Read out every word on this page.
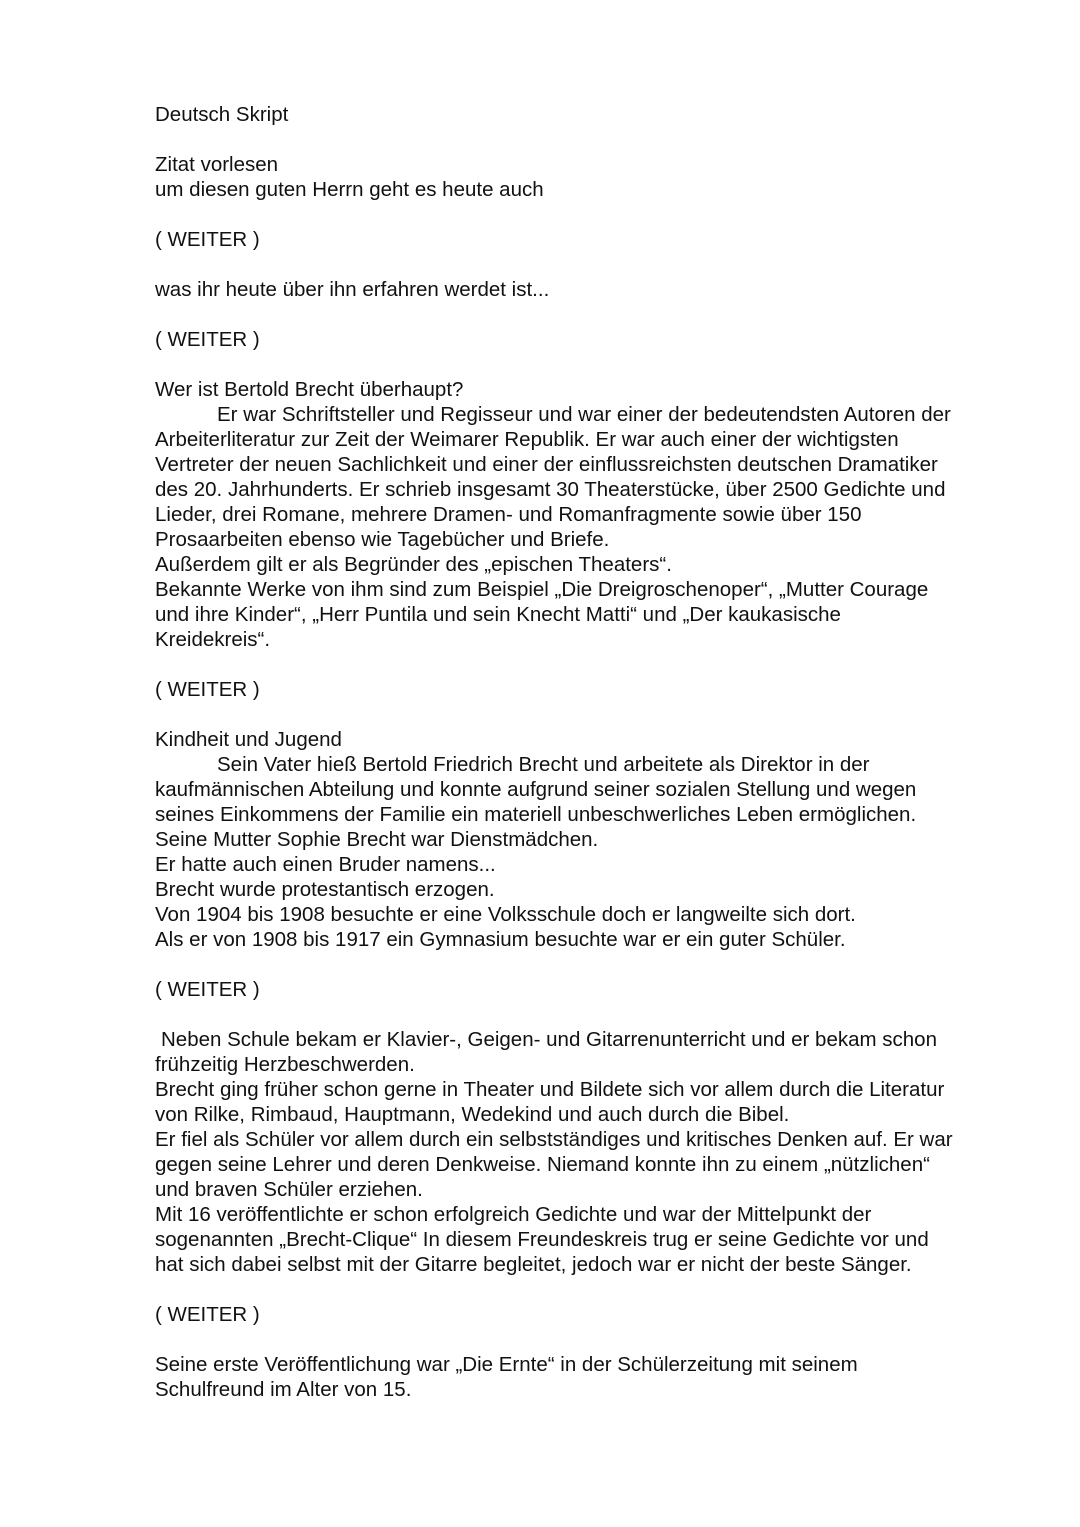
Deutsch Skript
Zitat vorlesen
um diesen guten Herrn geht es heute auch
( WEITER )
was ihr heute über ihn erfahren werdet ist...
( WEITER )
Wer ist Bertold Brecht überhaupt?
Er war Schriftsteller und Regisseur und war einer der bedeutendsten Autoren der
Arbeiterliteratur zur Zeit der Weimarer Republik. Er war auch einer der wichtigsten
Vertreter der neuen Sachlichkeit und einer der einflussreichsten deutschen Dramatiker
des 20. Jahrhunderts. Er schrieb insgesamt 30 Theaterstücke, über 2500 Gedichte und
Lieder, drei Romane, mehrere Dramen- und Romanfragmente sowie über 150
Prosaarbeiten ebenso wie Tagebücher und Briefe.
Außerdem gilt er als Begründer des „epischen Theaters“.
Bekannte Werke von ihm sind zum Beispiel „Die Dreigroschenoper“, „Mutter Courage
und ihre Kinder“, „Herr Puntila und sein Knecht Matti“ und „Der kaukasische
Kreidekreis“.
( WEITER )
Kindheit und Jugend
Sein Vater hieß Bertold Friedrich Brecht und arbeitete als Direktor in der
kaufmännischen Abteilung und konnte aufgrund seiner sozialen Stellung und wegen
seines Einkommens der Familie ein materiell unbeschwerliches Leben ermöglichen.
Seine Mutter Sophie Brecht war Dienstmädchen.
Er hatte auch einen Bruder namens...
Brecht wurde protestantisch erzogen.
Von 1904 bis 1908 besuchte er eine Volksschule doch er langweilte sich dort.
Als er von 1908 bis 1917 ein Gymnasium besuchte war er ein guter Schüler.
( WEITER )
Neben Schule bekam er Klavier-, Geigen- und Gitarrenunterricht und er bekam schon
frühzeitig Herzbeschwerden.
Brecht ging früher schon gerne in Theater und Bildete sich vor allem durch die Literatur
von Rilke, Rimbaud, Hauptmann, Wedekind und auch durch die Bibel.
Er fiel als Schüler vor allem durch ein selbstständiges und kritisches Denken auf. Er war
gegen seine Lehrer und deren Denkweise. Niemand konnte ihn zu einem „nützlichen“
und braven Schüler erziehen.
Mit 16 veröffentlichte er schon erfolgreich Gedichte und war der Mittelpunkt der
sogenannten „Brecht-Clique“ In diesem Freundeskreis trug er seine Gedichte vor und
hat sich dabei selbst mit der Gitarre begleitet, jedoch war er nicht der beste Sänger.
( WEITER )
Seine erste Veröffentlichung war „Die Ernte“ in der Schülerzeitung mit seinem
Schulfreund im Alter von 15.
